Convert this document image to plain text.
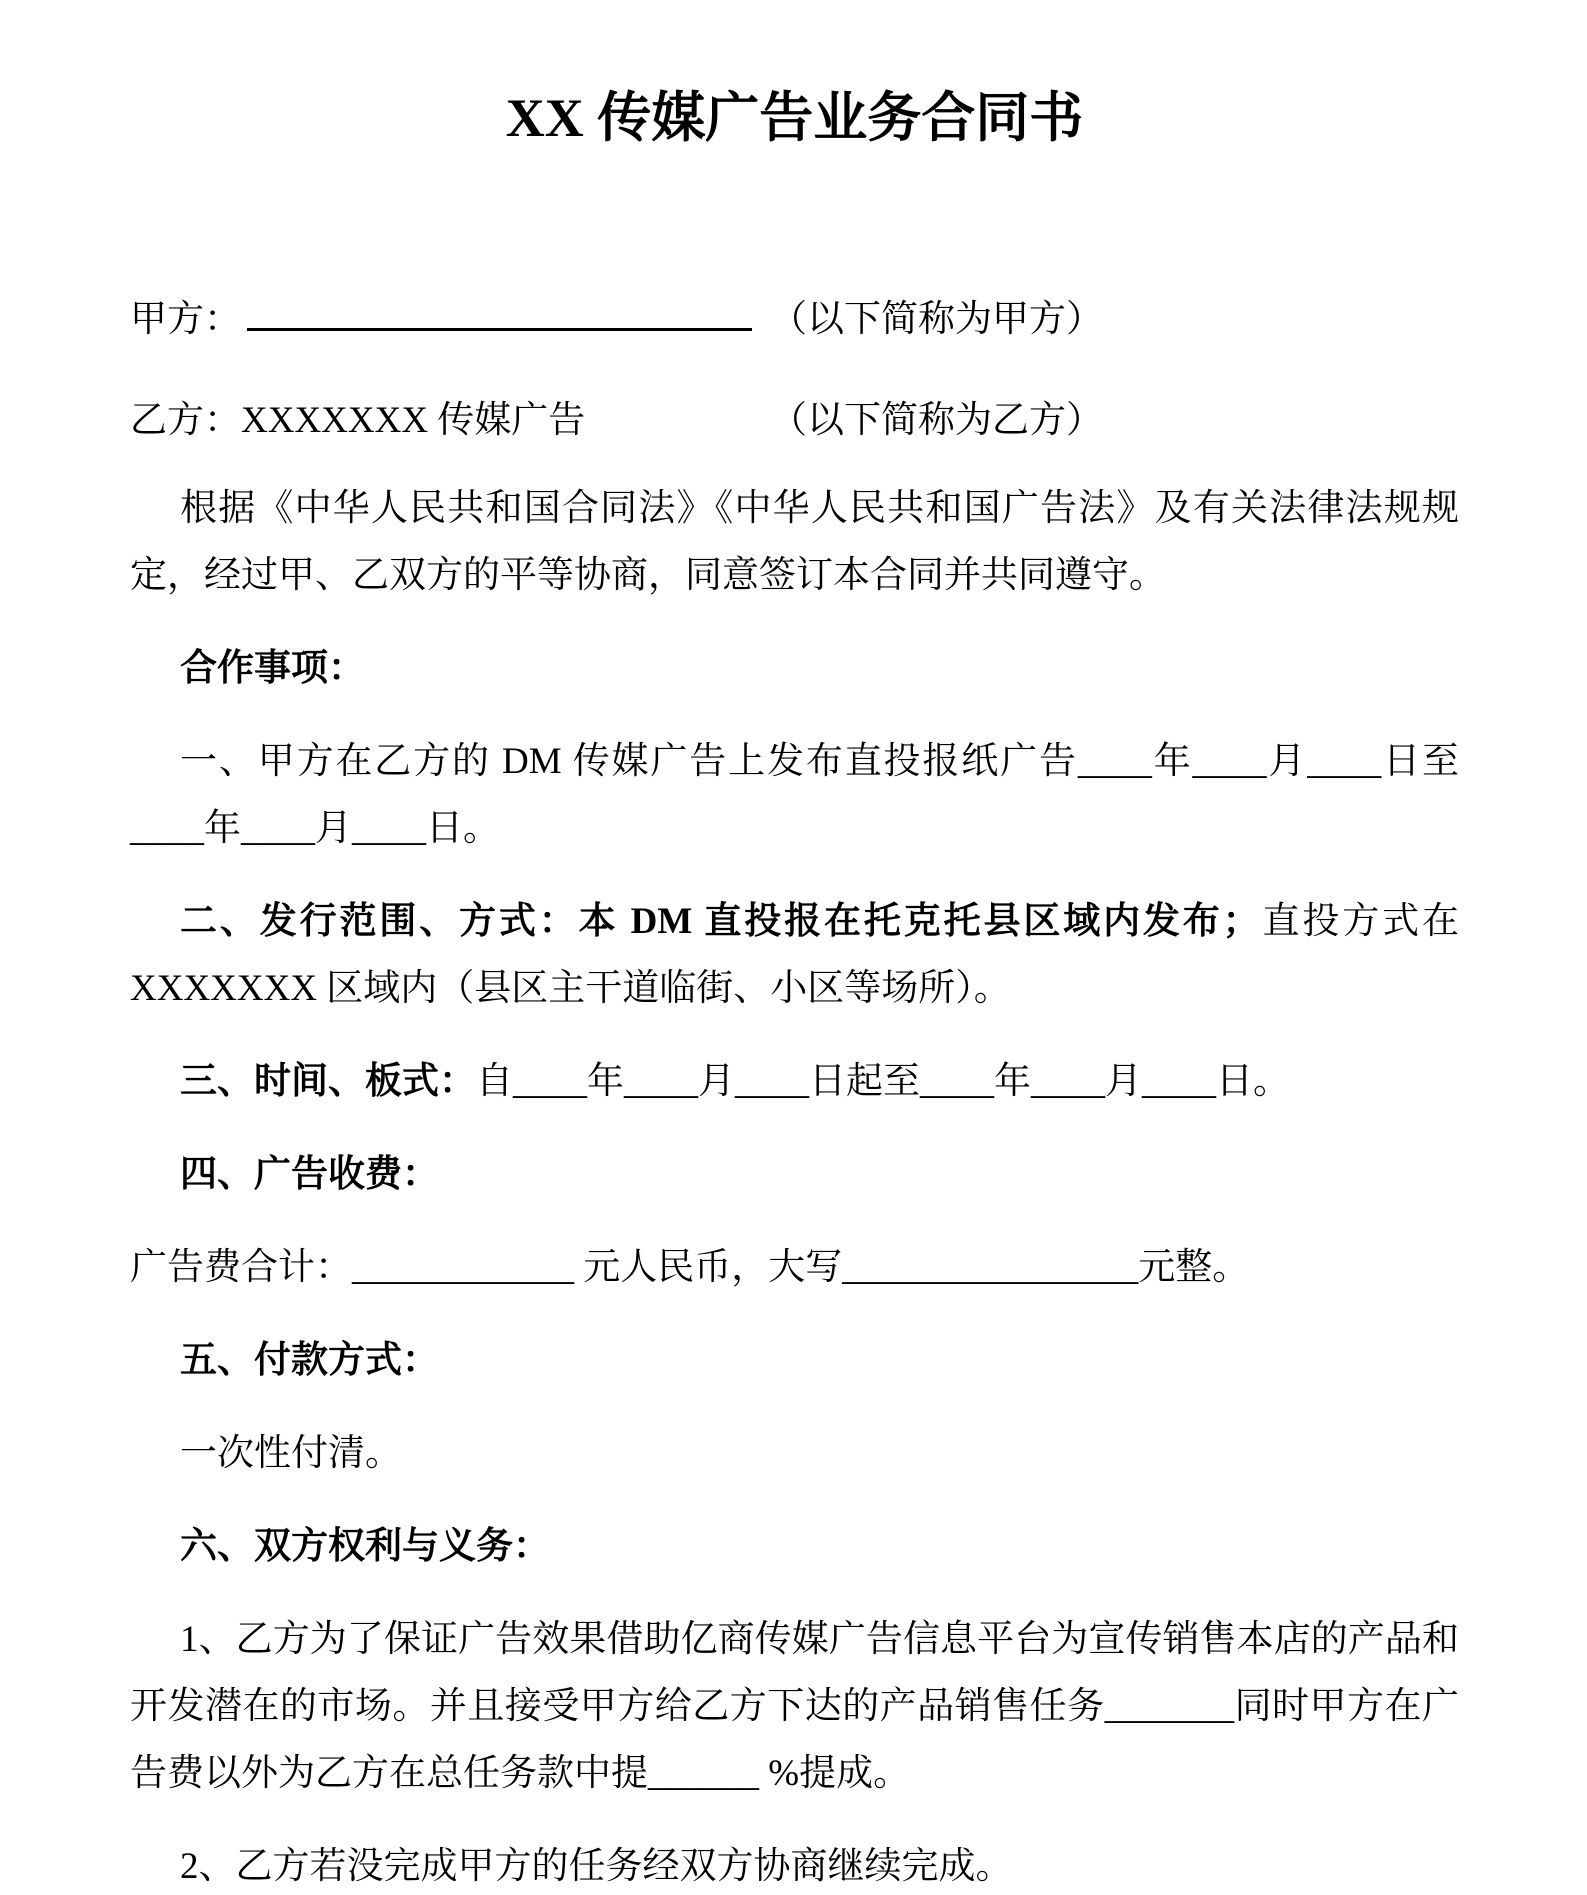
XX 传媒广告业务合同书
甲方：	（以下简称为甲方）
乙方：XXXXXXX 传媒广告	（以下简称为乙方）

根据《中华人民共和国合同法》《中华人民共和国广告法》及有关法律法规规定，经过甲、乙双方的平等协商，同意签订本合同并共同遵守。

合作事项：

一、甲方在乙方的 DM 传媒广告上发布直投报纸广告____年____月____日至____年____月____日。

二、发行范围、方式：本 DM 直投报在托克托县区域内发布；直投方式在XXXXXXX 区域内（县区主干道临街、小区等场所）。

三、时间、板式：自____年____月____日起至____年____月____日。

四、广告收费：

广告费合计：____________ 元人民币，大写________________元整。

五、付款方式：

一次性付清。

六、双方权利与义务：

1、乙方为了保证广告效果借助亿商传媒广告信息平台为宣传销售本店的产品和开发潜在的市场。并且接受甲方给乙方下达的产品销售任务_______同时甲方在广告费以外为乙方在总任务款中提______ %提成。

2、乙方若没完成甲方的任务经双方协商继续完成。
